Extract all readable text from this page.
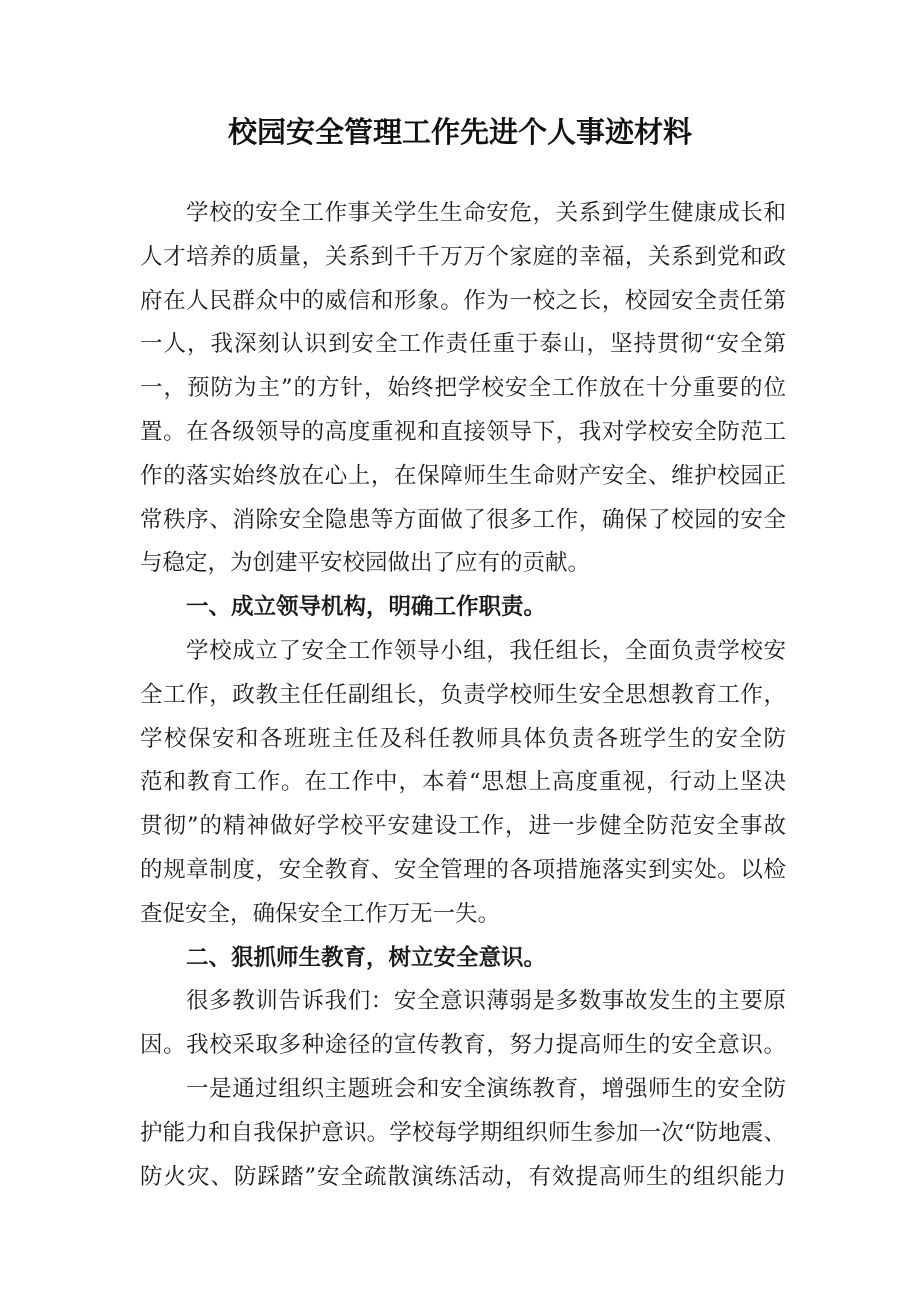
校园安全管理工作先进个人事迹材料
学校的安全工作事关学生生命安危，关系到学生健康成长和
人才培养的质量，关系到千千万万个家庭的幸福，关系到党和政
府在人民群众中的威信和形象。作为一校之长，校园安全责任第
一人，我深刻认识到安全工作责任重于泰山，坚持贯彻“安全第
一，预防为主”的方针，始终把学校安全工作放在十分重要的位
置。在各级领导的高度重视和直接领导下，我对学校安全防范工
作的落实始终放在心上，在保障师生生命财产安全、维护校园正
常秩序、消除安全隐患等方面做了很多工作，确保了校园的安全
与稳定，为创建平安校园做出了应有的贡献。
一、成立领导机构，明确工作职责。
学校成立了安全工作领导小组，我任组长，全面负责学校安
全工作，政教主任任副组长，负责学校师生安全思想教育工作，
学校保安和各班班主任及科任教师具体负责各班学生的安全防
范和教育工作。在工作中，本着“思想上高度重视，行动上坚决
贯彻”的精神做好学校平安建设工作，进一步健全防范安全事故
的规章制度，安全教育、安全管理的各项措施落实到实处。以检
查促安全，确保安全工作万无一失。
二、狠抓师生教育，树立安全意识。
很多教训告诉我们：安全意识薄弱是多数事故发生的主要原
因。我校采取多种途径的宣传教育，努力提高师生的安全意识。
一是通过组织主题班会和安全演练教育，增强师生的安全防
护能力和自我保护意识。学校每学期组织师生参加一次“防地震、
防火灾、防踩踏”安全疏散演练活动，有效提高师生的组织能力
